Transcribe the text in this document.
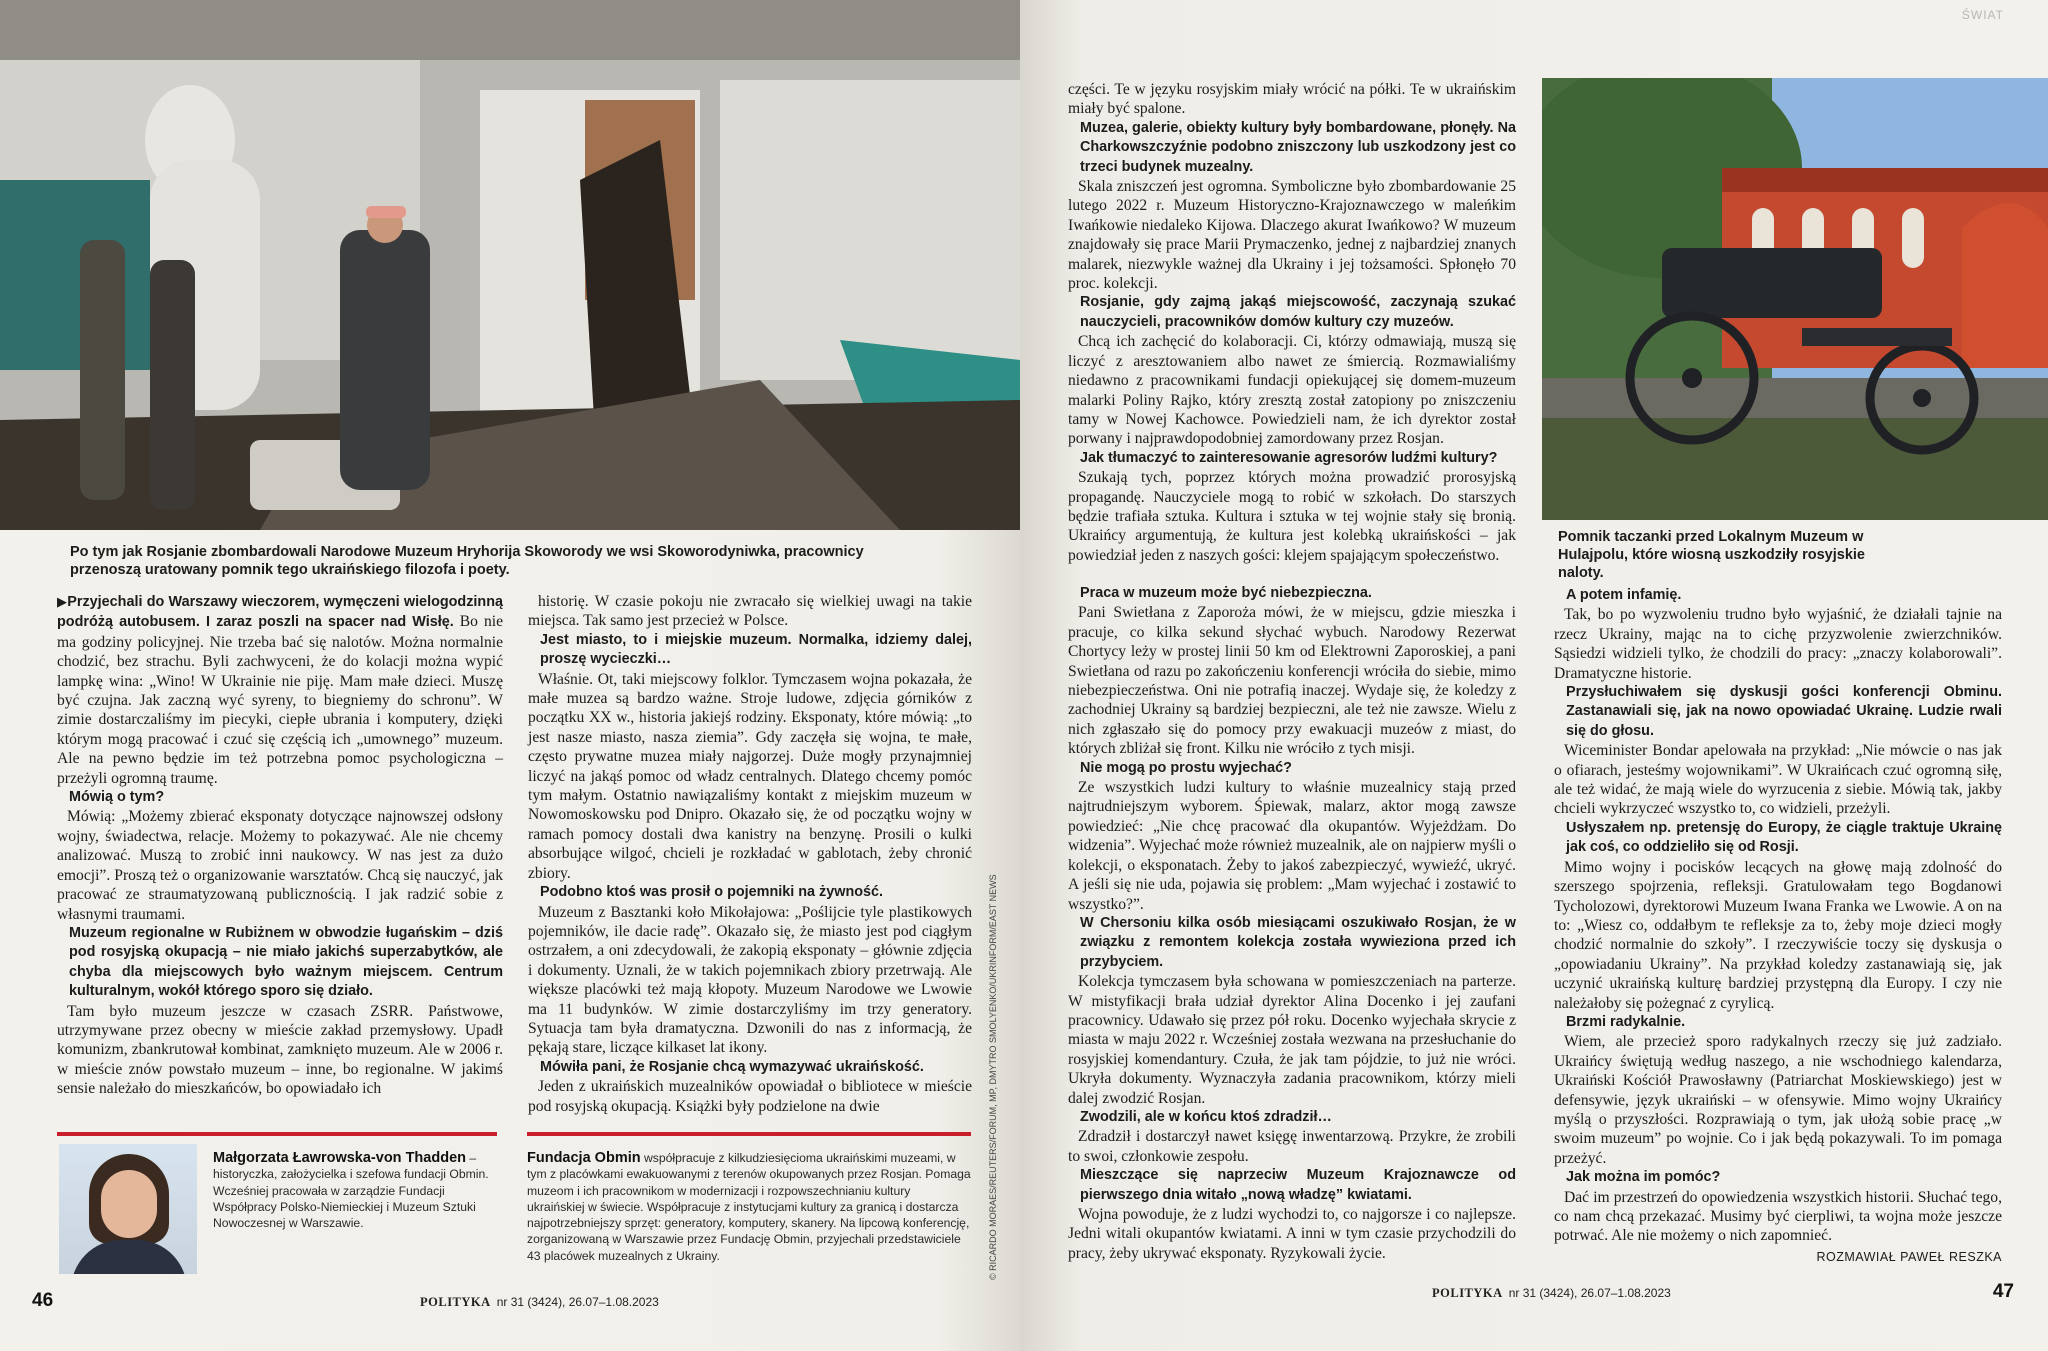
Po tym jak Rosjanie zbombardowali Narodowe Muzeum Hryhorija Skoworody we wsi Skoworodyniwka, pracownicy przenoszą uratowany pomnik tego ukraińskiego filozofa i poety.

▶Przyjechali do Warszawy wieczorem, wymęczeni wielogodzinną podróżą autobusem. I zaraz poszli na spacer nad Wisłę. Bo nie ma godziny policyjnej. Nie trzeba bać się nalotów. Można normalnie chodzić, bez strachu. Byli zachwyceni, że do kolacji można wypić lampkę wina: „Wino! W Ukrainie nie piję. Mam małe dzieci. Muszę być czujna. Jak zaczną wyć syreny, to biegniemy do schronu”. W zimie dostarczaliśmy im piecyki, ciepłe ubrania i komputery, dzięki którym mogą pracować i czuć się częścią ich „umownego” muzeum. Ale na pewno będzie im też potrzebna pomoc psychologiczna – przeżyli ogromną traumę.

Mówią o tym?

Mówią: „Możemy zbierać eksponaty dotyczące najnowszej odsłony wojny, świadectwa, relacje. Możemy to pokazywać. Ale nie chcemy analizować. Muszą to zrobić inni naukowcy. W nas jest za dużo emocji”. Proszą też o organizowanie warsztatów. Chcą się nauczyć, jak pracować ze straumatyzowaną publicznością. I jak radzić sobie z własnymi traumami.

Muzeum regionalne w Rubiżnem w obwodzie ługańskim – dziś pod rosyjską okupacją – nie miało jakichś superzabytków, ale chyba dla miejscowych było ważnym miejscem. Centrum kulturalnym, wokół którego sporo się działo.

Tam było muzeum jeszcze w czasach ZSRR. Państwowe, utrzymywane przez obecny w mieście zakład przemysłowy. Upadł komunizm, zbankrutował kombinat, zamknięto muzeum. Ale w 2006 r. w mieście znów powstało muzeum – inne, bo regionalne. W jakimś sensie należało do mieszkańców, bo opowiadało ich

historię. W czasie pokoju nie zwracało się wielkiej uwagi na takie miejsca. Tak samo jest przecież w Polsce.

Jest miasto, to i miejskie muzeum. Normalka, idziemy dalej, proszę wycieczki…

Właśnie. Ot, taki miejscowy folklor. Tymczasem wojna pokazała, że małe muzea są bardzo ważne. Stroje ludowe, zdjęcia górników z początku XX w., historia jakiejś rodziny. Eksponaty, które mówią: „to jest nasze miasto, nasza ziemia”. Gdy zaczęła się wojna, te małe, często prywatne muzea miały najgorzej. Duże mogły przynajmniej liczyć na jakąś pomoc od władz centralnych. Dlatego chcemy pomóc tym małym. Ostatnio nawiązaliśmy kontakt z miejskim muzeum w Nowomoskowsku pod Dnipro. Okazało się, że od początku wojny w ramach pomocy dostali dwa kanistry na benzynę. Prosili o kulki absorbujące wilgoć, chcieli je rozkładać w gablotach, żeby chronić zbiory.

Podobno ktoś was prosił o pojemniki na żywność.

Muzeum z Basztanki koło Mikołajowa: „Poślijcie tyle plastikowych pojemników, ile dacie radę”. Okazało się, że miasto jest pod ciągłym ostrzałem, a oni zdecydowali, że zakopią eksponaty – głównie zdjęcia i dokumenty. Uznali, że w takich pojemnikach zbiory przetrwają. Ale większe placówki też mają kłopoty. Muzeum Narodowe we Lwowie ma 11 budynków. W zimie dostarczyliśmy im trzy generatory. Sytuacja tam była dramatyczna. Dzwonili do nas z informacją, że pękają stare, liczące kilkaset lat ikony.

Mówiła pani, że Rosjanie chcą wymazywać ukraińskość.

Jeden z ukraińskich muzealników opowiadał o bibliotece w mieście pod rosyjską okupacją. Książki były podzielone na dwie

Małgorzata Ławrowska-von Thadden – historyczka, założycielka i szefowa fundacji Obmin. Wcześniej pracowała w zarządzie Fundacji Współpracy Polsko-Niemieckiej i Muzeum Sztuki Nowoczesnej w Warszawie.
Fundacja Obmin współpracuje z kilkudziesięcioma ukraińskimi muzeami, w tym z placówkami ewakuowanymi z terenów okupowanych przez Rosjan. Pomaga muzeom i ich pracownikom w modernizacji i rozpowszechnianiu kultury ukraińskiej w świecie. Współpracuje z instytucjami kultury za granicą i dostarcza najpotrzebniejszy sprzęt: generatory, komputery, skanery. Na lipcową konferencję, zorganizowaną w Warszawie przez Fundację Obmin, przyjechali przedstawiciele 43 placówek muzealnych z Ukrainy.	© RICARDO MORAES/REUTERS/FORUM, MP, DMYTRO SMOLYENKO/UKRINFORM/EAST NEWS
46	POLITYKA nr 31 (3424), 26.07–1.08.2023
ŚWIAT

części. Te w języku rosyjskim miały wrócić na półki. Te w ukraińskim miały być spalone.

Muzea, galerie, obiekty kultury były bombardowane, płonęły. Na Charkowszczyźnie podobno zniszczony lub uszkodzony jest co trzeci budynek muzealny.

Skala zniszczeń jest ogromna. Symboliczne było zbombardowanie 25 lutego 2022 r. Muzeum Historyczno-Krajoznawczego w maleńkim Iwańkowie niedaleko Kijowa. Dlaczego akurat Iwańkowo? W muzeum znajdowały się prace Marii Prymaczenko, jednej z najbardziej znanych malarek, niezwykle ważnej dla Ukrainy i jej tożsamości. Spłonęło 70 proc. kolekcji.

Rosjanie, gdy zajmą jakąś miejscowość, zaczynają szukać nauczycieli, pracowników domów kultury czy muzeów.

Chcą ich zachęcić do kolaboracji. Ci, którzy odmawiają, muszą się liczyć z aresztowaniem albo nawet ze śmiercią. Rozmawialiśmy niedawno z pracownikami fundacji opiekującej się domem-muzeum malarki Poliny Rajko, który zresztą został zatopiony po zniszczeniu tamy w Nowej Kachowce. Powiedzieli nam, że ich dyrektor został porwany i najprawdopodobniej zamordowany przez Rosjan.

Jak tłumaczyć to zainteresowanie agresorów ludźmi kultury?

Szukają tych, poprzez których można prowadzić prorosyjską propagandę. Nauczyciele mogą to robić w szkołach. Do starszych będzie trafiała sztuka. Kultura i sztuka w tej wojnie stały się bronią. Ukraińcy argumentują, że kultura jest kolebką ukraińskości – jak powiedział jeden z naszych gości: klejem spajającym społeczeństwo.

Pomnik taczanki przed Lokalnym Muzeum w Hulajpolu, które wiosną uszkodziły rosyjskie naloty.

Praca w muzeum może być niebezpieczna.

Pani Swietłana z Zaporoża mówi, że w miejscu, gdzie mieszka i pracuje, co kilka sekund słychać wybuch. Narodowy Rezerwat Chortycy leży w prostej linii 50 km od Elektrowni Zaporoskiej, a pani Swietłana od razu po zakończeniu konferencji wróciła do siebie, mimo niebezpieczeństwa. Oni nie potrafią inaczej. Wydaje się, że koledzy z zachodniej Ukrainy są bardziej bezpieczni, ale też nie zawsze. Wielu z nich zgłaszało się do pomocy przy ewakuacji muzeów z miast, do których zbliżał się front. Kilku nie wróciło z tych misji.

Nie mogą po prostu wyjechać?

Ze wszystkich ludzi kultury to właśnie muzealnicy stają przed najtrudniejszym wyborem. Śpiewak, malarz, aktor mogą zawsze powiedzieć: „Nie chcę pracować dla okupantów. Wyjeżdżam. Do widzenia”. Wyjechać może również muzealnik, ale on najpierw myśli o kolekcji, o eksponatach. Żeby to jakoś zabezpieczyć, wywieźć, ukryć. A jeśli się nie uda, pojawia się problem: „Mam wyjechać i zostawić to wszystko?”.

W Chersoniu kilka osób miesiącami oszukiwało Rosjan, że w związku z remontem kolekcja została wywieziona przed ich przybyciem.

Kolekcja tymczasem była schowana w pomieszczeniach na parterze. W mistyfikacji brała udział dyrektor Alina Docenko i jej zaufani pracownicy. Udawało się przez pół roku. Docenko wyjechała skrycie z miasta w maju 2022 r. Wcześniej została wezwana na przesłuchanie do rosyjskiej komendantury. Czuła, że jak tam pójdzie, to już nie wróci. Ukryła dokumenty. Wyznaczyła zadania pracownikom, którzy mieli dalej zwodzić Rosjan.

Zwodzili, ale w końcu ktoś zdradził…

Zdradził i dostarczył nawet księgę inwentarzową. Przykre, że zrobili to swoi, członkowie zespołu.

Mieszczące się naprzeciw Muzeum Krajoznawcze od pierwszego dnia witało „nową władzę” kwiatami.

Wojna powoduje, że z ludzi wychodzi to, co najgorsze i co najlepsze. Jedni witali okupantów kwiatami. A inni w tym czasie przychodzili do pracy, żeby ukrywać eksponaty. Ryzykowali życie.

A potem infamię.

Tak, bo po wyzwoleniu trudno było wyjaśnić, że działali tajnie na rzecz Ukrainy, mając na to cichę przyzwolenie zwierzchników. Sąsiedzi widzieli tylko, że chodzili do pracy: „znaczy kolaborowali”. Dramatyczne historie.

Przysłuchiwałem się dyskusji gości konferencji Obminu. Zastanawiali się, jak na nowo opowiadać Ukrainę. Ludzie rwali się do głosu.

Wiceminister Bondar apelowała na przykład: „Nie mówcie o nas jak o ofiarach, jesteśmy wojownikami”. W Ukraińcach czuć ogromną siłę, ale też widać, że mają wiele do wyrzucenia z siebie. Mówią tak, jakby chcieli wykrzyczeć wszystko to, co widzieli, przeżyli.

Usłyszałem np. pretensję do Europy, że ciągle traktuje Ukrainę jak coś, co oddzieliło się od Rosji.

Mimo wojny i pocisków lecących na głowę mają zdolność do szerszego spojrzenia, refleksji. Gratulowałam tego Bogdanowi Tycholozowi, dyrektorowi Muzeum Iwana Franka we Lwowie. A on na to: „Wiesz co, oddałbym te refleksje za to, żeby moje dzieci mogły chodzić normalnie do szkoły”. I rzeczywiście toczy się dyskusja o „opowiadaniu Ukrainy”. Na przykład koledzy zastanawiają się, jak uczynić ukraińską kulturę bardziej przystępną dla Europy. I czy nie należałoby się pożegnać z cyrylicą.

Brzmi radykalnie.

Wiem, ale przecież sporo radykalnych rzeczy się już zadziało. Ukraińcy świętują według naszego, a nie wschodniego kalendarza, Ukraiński Kościół Prawosławny (Patriarchat Moskiewskiego) jest w defensywie, język ukraiński – w ofensywie. Mimo wojny Ukraińcy myślą o przyszłości. Rozprawiają o tym, jak ułożą sobie pracę „w swoim muzeum” po wojnie. Co i jak będą pokazywali. To im pomaga przeżyć.

Jak można im pomóc?

Dać im przestrzeń do opowiedzenia wszystkich historii. Słuchać tego, co nam chcą przekazać. Musimy być cierpliwi, ta wojna może jeszcze potrwać. Ale nie możemy o nich zapomnieć.

ROZMAWIAŁ PAWEŁ RESZKA

POLITYKA nr 31 (3424), 26.07–1.08.2023	47
